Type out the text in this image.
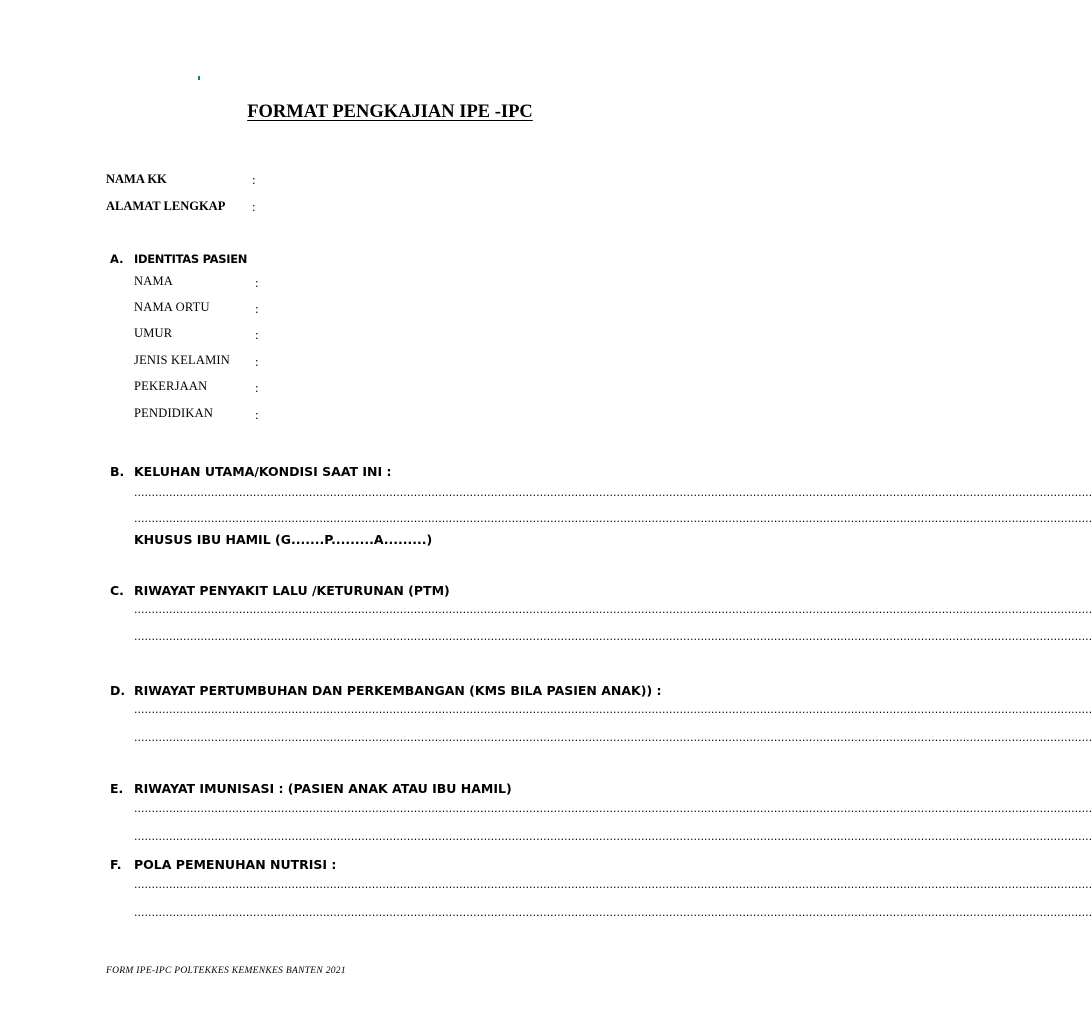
FORMAT PENGKAJIAN IPE -IPC
NAMA KK	:
ALAMAT LENGKAP :
A. IDENTITAS PASIEN
NAMA	:
NAMA ORTU	:
UMUR	:
JENIS KELAMIN :
PEKERJAAN	:
PENDIDIKAN	:
B. KELUHAN UTAMA/KONDISI SAAT INI :
..................................................................................................................................................................................................................................................................................
..................................................................................................................................................................................................................................................................................
KHUSUS IBU HAMIL (G.......P.........A.........)
C. RIWAYAT PENYAKIT LALU /KETURUNAN (PTM)
..................................................................................................................................................................................................................................................................................
..................................................................................................................................................................................................................................................................................
D. RIWAYAT PERTUMBUHAN DAN PERKEMBANGAN (KMS BILA PASIEN ANAK)) :
..................................................................................................................................................................................................................................................................................
..................................................................................................................................................................................................................................................................................
E. RIWAYAT IMUNISASI : (PASIEN ANAK ATAU IBU HAMIL)
..................................................................................................................................................................................................................................................................................
..................................................................................................................................................................................................................................................................................
F. POLA PEMENUHAN NUTRISI :
..................................................................................................................................................................................................................................................................................
..................................................................................................................................................................................................................................................................................
FORM IPE-IPC POLTEKKES KEMENKES BANTEN 2021
